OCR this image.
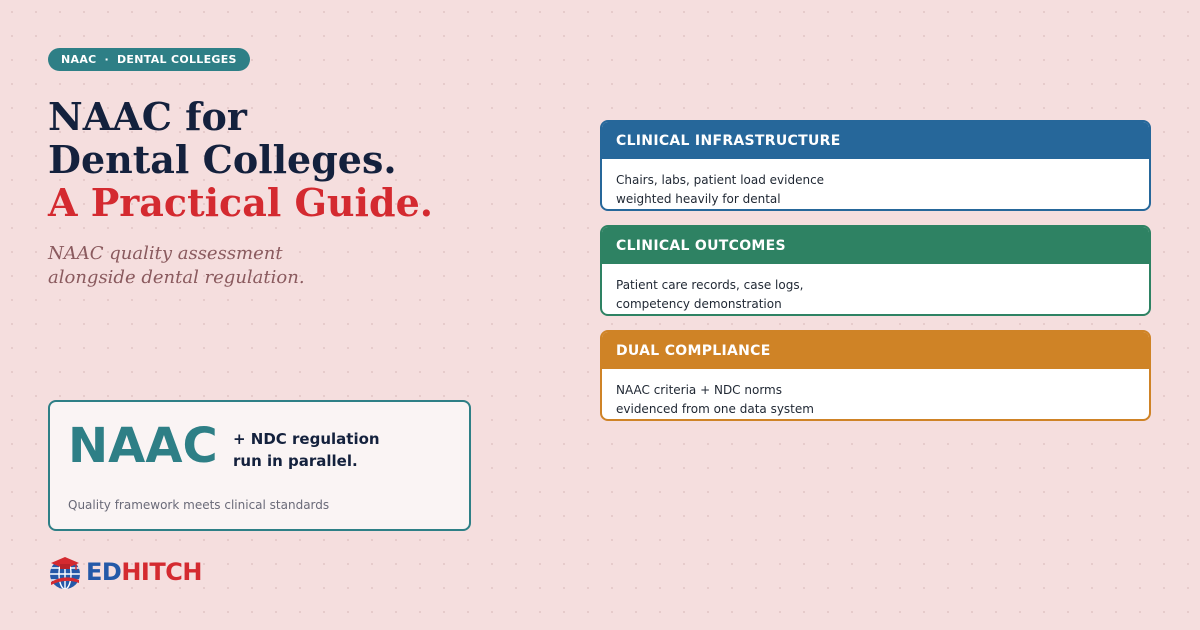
NAAC · DENTAL COLLEGES
NAAC for
Dental Colleges.
A Practical Guide.
NAAC quality assessment
alongside dental regulation.
NAAC + NDC regulation
run in parallel.
Quality framework meets clinical standards
EDHITCH
CLINICAL INFRASTRUCTURE
Chairs, labs, patient load evidence
weighted heavily for dental
CLINICAL OUTCOMES
Patient care records, case logs,
competency demonstration
DUAL COMPLIANCE
NAAC criteria + NDC norms
evidenced from one data system
